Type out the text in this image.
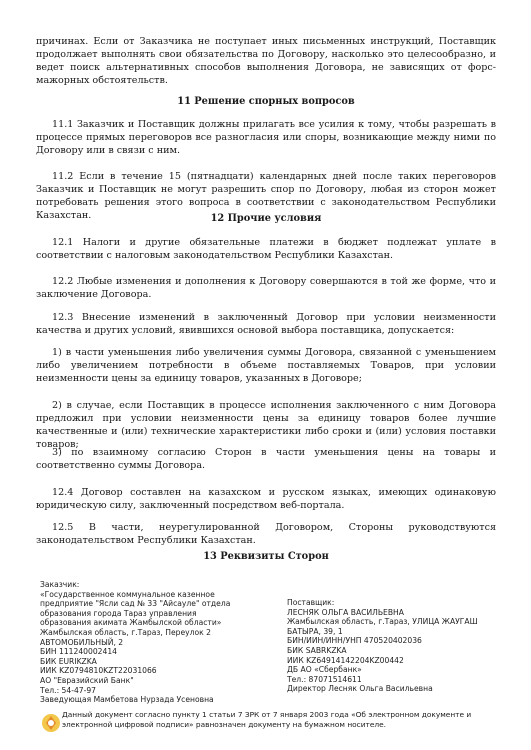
причинах. Если от Заказчика не поступает иных письменных инструкций, Поставщик продолжает выполнять свои обязательства по Договору, насколько это целесообразно, и ведет поиск альтернативных способов выполнения Договора, не зависящих от форс-мажорных обстоятельств.

11 Решение спорных вопросов

11.1 Заказчик и Поставщик должны прилагать все усилия к тому, чтобы разрешать в процессе прямых переговоров все разногласия или споры, возникающие между ними по Договору или в связи с ним.

11.2 Если в течение 15 (пятнадцати) календарных дней после таких переговоров Заказчик и Поставщик не могут разрешить спор по Договору, любая из сторон может потребовать решения этого вопроса в соответствии с законодательством Республики Казахстан.	12 Прочие условия

12.1 Налоги и другие обязательные платежи в бюджет подлежат уплате в соответствии с налоговым законодательством Республики Казахстан.

12.2 Любые изменения и дополнения к Договору совершаются в той же форме, что и заключение Договора.

12.3 Внесение изменений в заключенный Договор при условии неизменности качества и других условий, явившихся основой выбора поставщика, допускается:

1) в части уменьшения либо увеличения суммы Договора, связанной с уменьшением либо увеличением потребности в объеме поставляемых Товаров, при условии неизменности цены за единицу товаров, указанных в Договоре;

2) в случае, если Поставщик в процессе исполнения заключенного с ним Договора предложил при условии неизменности цены за единицу товаров более лучшие качественные и (или) технические характеристики либо сроки и (или) условия поставки товаров;

3) по взаимному согласию Сторон в части уменьшения цены на товары и соответственно суммы Договора.

12.4 Договор составлен на казахском и русском языках, имеющих одинаковую юридическую силу, заключенный посредством веб-портала.

12.5 В части, неурегулированной Договором, Стороны руководствуются законодательством Республики Казахстан.

13 Реквизиты Сторон

Заказчик:
«Государственное коммунальное казенное
предприятие "Ясли сад № 33 "Айсауле" отдела
образования города Тараз управления
образования акимата Жамбылской области»
Жамбылская область, г.Тараз, Переулок 2
АВТОМОБИЛЬНЫЙ, 2
БИН 111240002414
БИК EURIKZKA
ИИК KZ0794810KZT22031066
АО "Евразийский Банк"
Тел.: 54-47-97
Заведующая Мамбетова Нурзада Усеновна
Поставщик:
ЛЕСНЯК ОЛЬГА ВАСИЛЬЕВНА
Жамбылская область, г.Тараз, УЛИЦА ЖАУГАШ
БАТЫРА, 39, 1
БИН/ИИН/ИНН/УНП 470520402036
БИК SABRKZKA
ИИК KZ64914142204KZ00442
ДБ АО «Сбербанк»
Тел.: 87071514611
Директор Лесняк Ольга Васильевна
Данный документ согласно пункту 1 статьи 7 ЗРК от 7 января 2003 года «Об электронном документе и электронной цифровой подписи» равнозначен документу на бумажном носителе.
